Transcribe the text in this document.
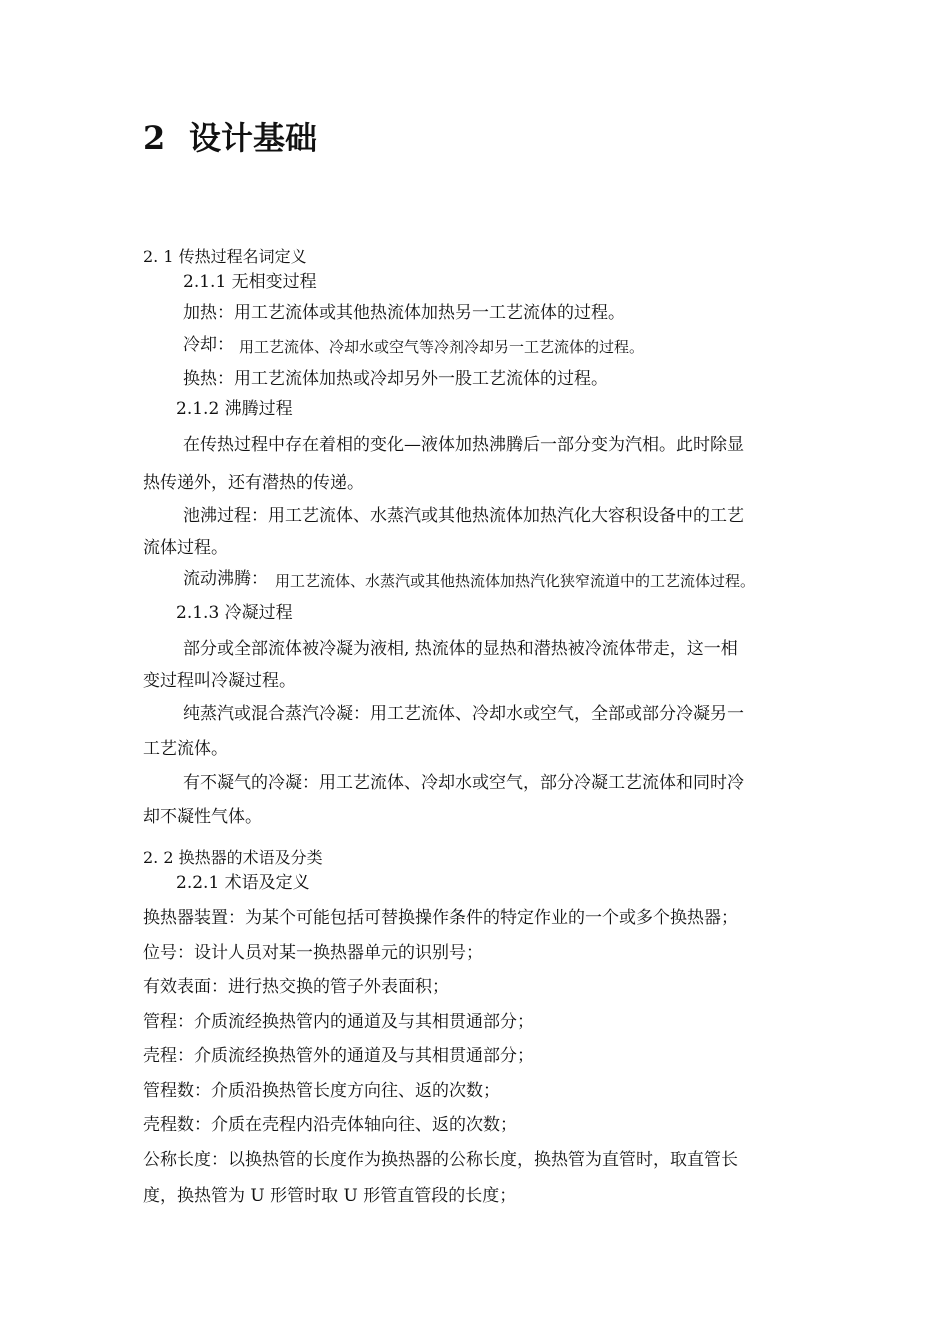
2 设计基础
2. 1 传热过程名词定义
2.1.1 无相变过程
加热：用工艺流体或其他热流体加热另一工艺流体的过程。
冷却： 用工艺流体、冷却水或空气等冷剂冷却另一工艺流体的过程。
换热：用工艺流体加热或冷却另外一股工艺流体的过程。
2.1.2 沸腾过程
在传热过程中存在着相的变化—液体加热沸腾后一部分变为汽相。此时除显
热传递外，还有潜热的传递。
池沸过程：用工艺流体、水蒸汽或其他热流体加热汽化大容积设备中的工艺
流体过程。
流动沸腾： 用工艺流体、水蒸汽或其他热流体加热汽化狭窄流道中的工艺流体过程。
2.1.3 冷凝过程
部分或全部流体被冷凝为液相, 热流体的显热和潜热被冷流体带走，这一相
变过程叫冷凝过程。
纯蒸汽或混合蒸汽冷凝：用工艺流体、冷却水或空气，全部或部分冷凝另一
工艺流体。
有不凝气的冷凝：用工艺流体、冷却水或空气，部分冷凝工艺流体和同时冷
却不凝性气体。
2. 2 换热器的术语及分类
2.2.1 术语及定义
换热器装置：为某个可能包括可替换操作条件的特定作业的一个或多个换热器；
位号：设计人员对某一换热器单元的识别号；
有效表面：进行热交换的管子外表面积；
管程：介质流经换热管内的通道及与其相贯通部分；
壳程：介质流经换热管外的通道及与其相贯通部分；
管程数：介质沿换热管长度方向往、返的次数；
壳程数：介质在壳程内沿壳体轴向往、返的次数；
公称长度：以换热管的长度作为换热器的公称长度，换热管为直管时，取直管长
度，换热管为 U 形管时取 U 形管直管段的长度；
